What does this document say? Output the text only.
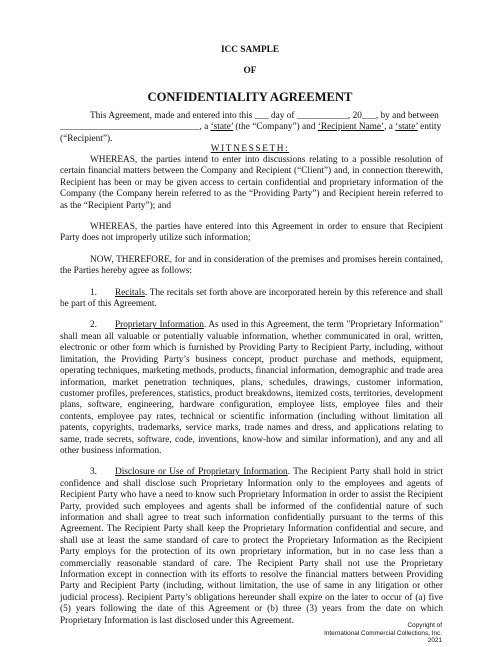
ICC SAMPLE
OF
CONFIDENTIALITY AGREEMENT

This Agreement, made and entered into this ___ day of ___________, 20___, by and between

______________________________, a ‘state’ (the “Company”) and ‘Recipient Name’, a ‘state’ entity

(“Recipient”).

WITNESSETH:

WHEREAS, the parties intend to enter into discussions relating to a possible resolution of certain financial matters between the Company and Recipient (“Client”) and, in connection therewith, Recipient has been or may be given access to certain confidential and proprietary information of the Company (the Company herein referred to as the “Providing Party”) and Recipient herein referred to as the “Recipient Party”); and

WHEREAS, the parties have entered into this Agreement in order to ensure that Recipient Party does not improperly utilize such information;

NOW, THEREFORE, for and in consideration of the premises and promises herein contained, the Parties hereby agree as follows:

1. Recitals. The recitals set forth above are incorporated herein by this reference and shall be part of this Agreement.

2. Proprietary Information. As used in this Agreement, the term "Proprietary Information" shall mean all valuable or potentially valuable information, whether communicated in oral, written, electronic or other form which is furnished by Providing Party to Recipient Party, including, without limitation, the Providing Party’s business concept, product purchase and methods, equipment, operating techniques, marketing methods, products, financial information, demographic and trade area information, market penetration techniques, plans, schedules, drawings, customer information, customer profiles, preferences, statistics, product breakdowns, itemized costs, territories, development plans, software, engineering, hardware configuration, employee lists, employee files and their contents, employee pay rates, technical or scientific information (including without limitation all patents, copyrights, trademarks, service marks, trade names and dress, and applications relating to same, trade secrets, software, code, inventions, know-how and similar information), and any and all other business information.

3. Disclosure or Use of Proprietary Information. The Recipient Party shall hold in strict confidence and shall disclose such Proprietary Information only to the employees and agents of Recipient Party who have a need to know such Proprietary Information in order to assist the Recipient Party, provided such employees and agents shall be informed of the confidential nature of such information and shall agree to treat such information confidentially pursuant to the terms of this Agreement. The Recipient Party shall keep the Proprietary Information confidential and secure, and shall use at least the same standard of care to protect the Proprietary Information as the Recipient Party employs for the protection of its own proprietary information, but in no case less than a commercially reasonable standard of care. The Recipient Party shall not use the Proprietary Information except in connection with its efforts to resolve the financial matters between Providing Party and Recipient Party (including, without limitation, the use of same in any litigation or other judicial process). Recipient Party’s obligations hereunder shall expire on the later to occur of (a) five (5) years following the date of this Agreement or (b) three (3) years from the date on which Proprietary Information is last disclosed under this Agreement.	Copyright of
International Commercial Collections, Inc.
2021
